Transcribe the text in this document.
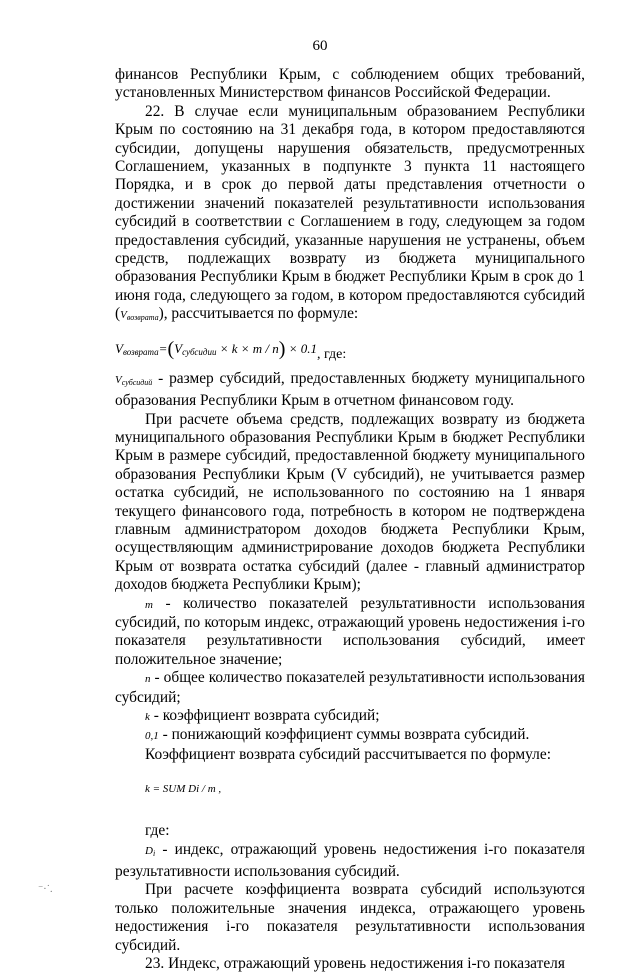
60

финансов Республики Крым, с соблюдением общих требований, установленных Министерством финансов Российской Федерации.

22. В случае если муниципальным образованием Республики Крым по состоянию на 31 декабря года, в котором предоставляются субсидии, допущены нарушения обязательств, предусмотренных Соглашением, указанных в подпункте 3 пункта 11 настоящего Порядка, и в срок до первой даты представления отчетности о достижении значений показателей результативности использования субсидий в соответствии с Соглашением в году, следующем за годом предоставления субсидий, указанные нарушения не устранены, объем средств, подлежащих возврату из бюджета муниципального образования Республики Крым в бюджет Республики Крым в срок до 1 июня года, следующего за годом, в котором предоставляются субсидий $(V_{возврата})$, рассчитывается по формуле:

$V_{возврата}=(V_{субсидии} \times k \times m / n) \times 0.1$, где:

$V_{субсидий}$ - размер субсидий, предоставленных бюджету муниципального образования Республики Крым в отчетном финансовом году.

При расчете объема средств, подлежащих возврату из бюджета муниципального образования Республики Крым в бюджет Республики Крым в размере субсидий, предоставленной бюджету муниципального образования Республики Крым (V субсидий), не учитывается размер остатка субсидий, не использованного по состоянию на 1 января текущего финансового года, потребность в котором не подтверждена главным администратором доходов бюджета Республики Крым, осуществляющим администрирование доходов бюджета Республики Крым от возврата остатка субсидий (далее - главный администратор доходов бюджета Республики Крым);

m - количество показателей результативности использования субсидий, по которым индекс, отражающий уровень недостижения i-го показателя результативности использования субсидий, имеет положительное значение;

n - общее количество показателей результативности использования субсидий;

k - коэффициент возврата субсидий;

0,1 - понижающий коэффициент суммы возврата субсидий.

Коэффициент возврата субсидий рассчитывается по формуле:

k = SUM Di / m ,

где:

$D_i$ - индекс, отражающий уровень недостижения i-го показателя результативности использования субсидий.

При расчете коэффициента возврата субсидий используются только положительные значения индекса, отражающего уровень недостижения i-го показателя результативности использования субсидий.

23. Индекс, отражающий уровень недостижения i-го показателя

⁻·˙.
